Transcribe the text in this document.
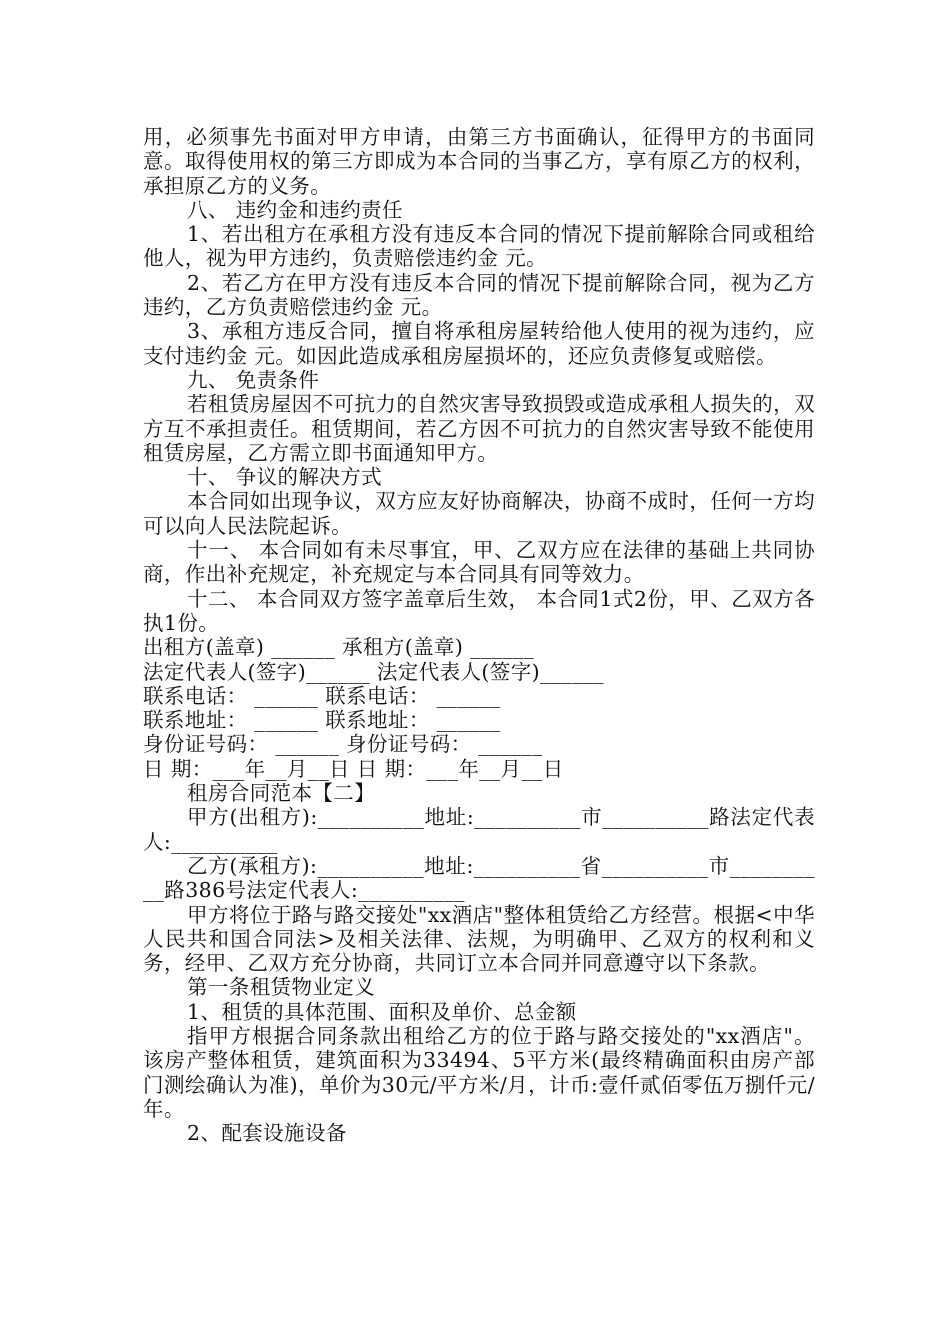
用，必须事先书面对甲方申请，由第三方书面确认，征得甲方的书面同意。取得使用权的第三方即成为本合同的当事乙方，享有原乙方的权利，承担原乙方的义务。

八、 违约金和违约责任

1、若出租方在承租方没有违反本合同的情况下提前解除合同或租给他人，视为甲方违约，负责赔偿违约金 元。

2、若乙方在甲方没有违反本合同的情况下提前解除合同，视为乙方违约，乙方负责赔偿违约金 元。

3、承租方违反合同，擅自将承租房屋转给他人使用的视为违约，应支付违约金 元。如因此造成承租房屋损坏的，还应负责修复或赔偿。

九、 免责条件

若租赁房屋因不可抗力的自然灾害导致损毁或造成承租人损失的，双方互不承担责任。租赁期间，若乙方因不可抗力的自然灾害导致不能使用租赁房屋，乙方需立即书面通知甲方。

十、 争议的解决方式

本合同如出现争议，双方应友好协商解决，协商不成时，任何一方均可以向人民法院起诉。

十一、 本合同如有未尽事宜，甲、乙双方应在法律的基础上共同协商，作出补充规定，补充规定与本合同具有同等效力。

十二、 本合同双方签字盖章后生效， 本合同1式2份，甲、乙双方各执1份。

出租方(盖章) ______ 承租方(盖章) ______

法定代表人(签字)______ 法定代表人(签字)______

联系电话： ______ 联系电话： ______

联系地址： ______ 联系地址： ______

身份证号码： ______ 身份证号码： ______

日 期：___年__月__日 日 期：___年__月__日

租房合同范本【二】

甲方(出租方):__________地址:__________市__________路法定代表人:__________

乙方(承租方):__________地址:__________省__________市__________路386号法定代表人:__________

甲方将位于路与路交接处"xx酒店"整体租赁给乙方经营。根据<中华人民共和国合同法>及相关法律、法规，为明确甲、乙双方的权利和义务，经甲、乙双方充分协商，共同订立本合同并同意遵守以下条款。

第一条租赁物业定义

1、租赁的具体范围、面积及单价、总金额

指甲方根据合同条款出租给乙方的位于路与路交接处的"xx酒店"。该房产整体租赁，建筑面积为33494、5平方米(最终精确面积由房产部门测绘确认为准)，单价为30元/平方米/月，计币:壹仟贰佰零伍万捌仟元/年。

2、配套设施设备
